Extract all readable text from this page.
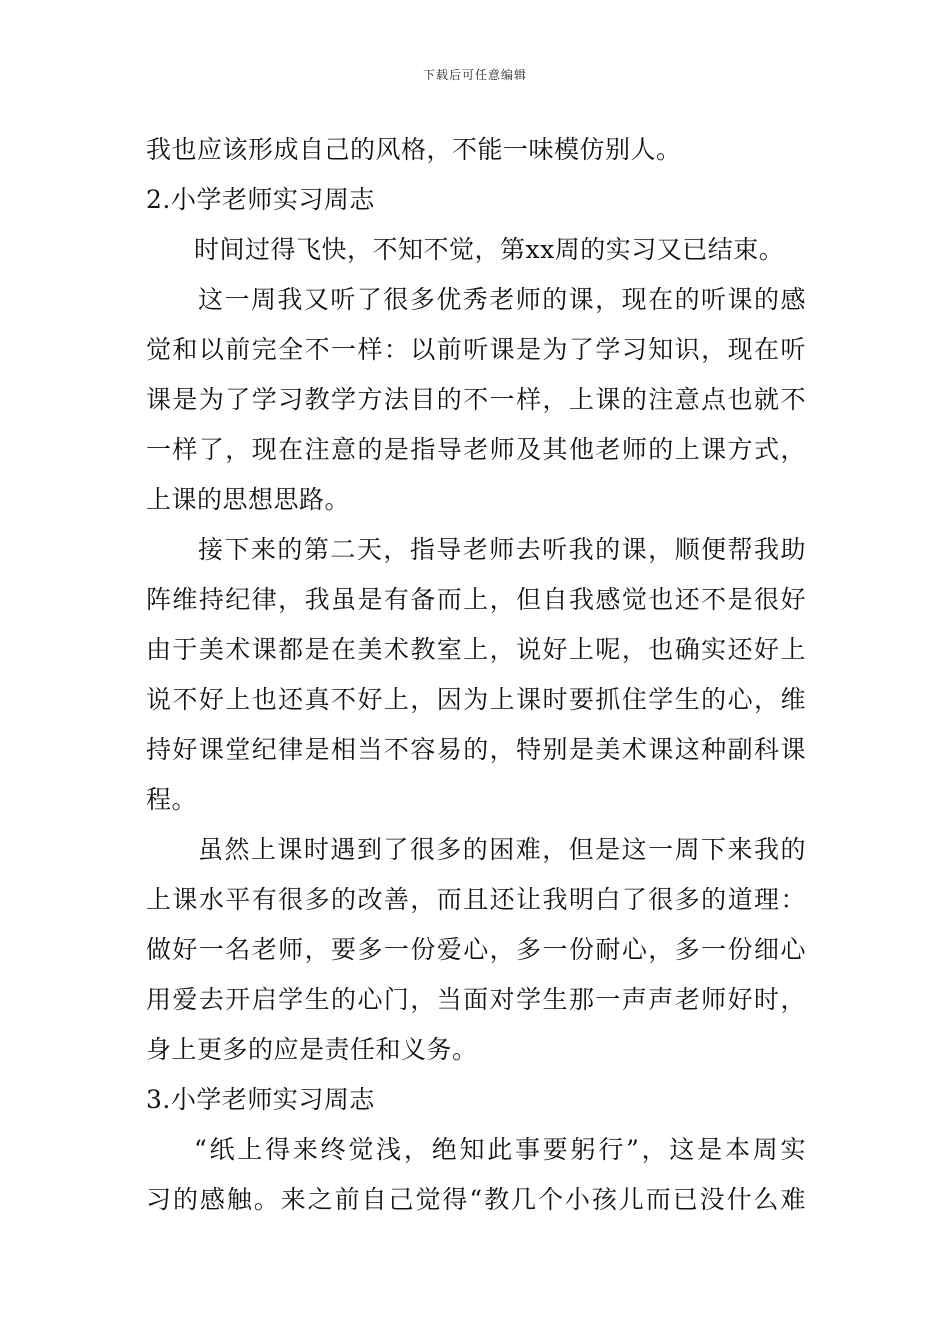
下载后可任意编辑
我也应该形成自己的风格，不能一味模仿别人。
2.小学老师实习周志
时间过得飞快，不知不觉，第xx周的实习又已结束。
这一周我又听了很多优秀老师的课，现在的听课的感
觉和以前完全不一样：以前听课是为了学习知识，现在听
课是为了学习教学方法目的不一样，上课的注意点也就不
一样了，现在注意的是指导老师及其他老师的上课方式，
上课的思想思路。
接下来的第二天，指导老师去听我的课，顺便帮我助
阵维持纪律，我虽是有备而上，但自我感觉也还不是很好
由于美术课都是在美术教室上，说好上呢，也确实还好上
说不好上也还真不好上，因为上课时要抓住学生的心，维
持好课堂纪律是相当不容易的，特别是美术课这种副科课
程。
虽然上课时遇到了很多的困难，但是这一周下来我的
上课水平有很多的改善，而且还让我明白了很多的道理：
做好一名老师，要多一份爱心，多一份耐心，多一份细心
用爱去开启学生的心门，当面对学生那一声声老师好时，
身上更多的应是责任和义务。
3.小学老师实习周志
“纸上得来终觉浅，绝知此事要躬行”，这是本周实
习的感触。来之前自己觉得“教几个小孩儿而已没什么难
